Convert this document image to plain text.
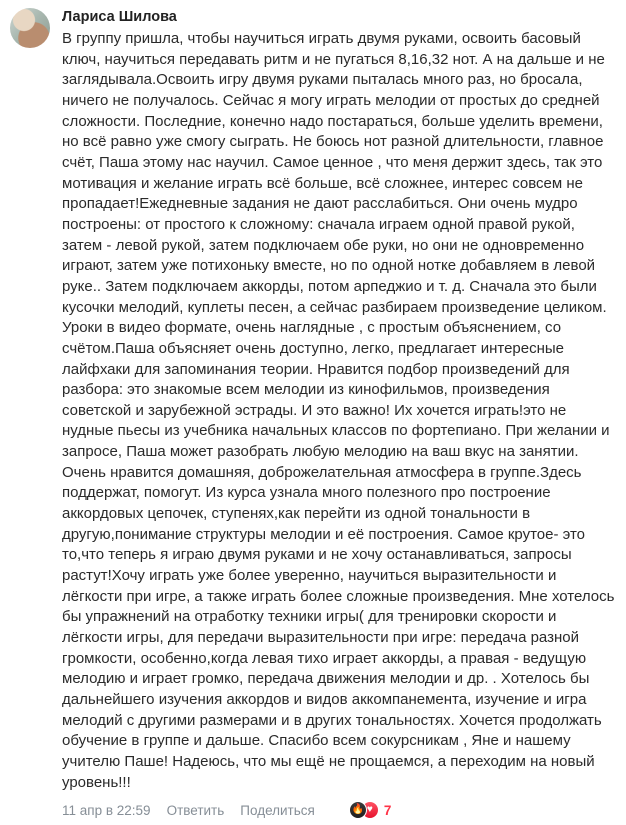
Лариса Шилова
В группу пришла, чтобы научиться играть двумя руками, освоить басовый ключ, научиться передавать ритм и не пугаться 8,16,32 нот. А на дальше и не заглядывала.Освоить игру двумя руками пыталась много раз, но бросала, ничего не получалось. Сейчас я могу играть мелодии от простых до средней сложности. Последние, конечно надо постараться, больше уделить времени, но всё равно уже смогу сыграть. Не боюсь нот разной длительности, главное счёт, Паша этому нас научил. Самое ценное , что меня держит здесь, так это мотивация и желание играть всё больше, всё сложнее, интерес совсем не пропадает!Ежедневные задания не дают расслабиться. Они очень мудро построены: от простого к сложному: сначала играем одной правой рукой, затем - левой рукой, затем подключаем обе руки, но они не одновременно играют, затем уже потихоньку вместе, но по одной нотке добавляем в левой руке.. Затем подключаем аккорды, потом арпеджио и т. д. Сначала это были кусочки мелодий, куплеты песен, а сейчас разбираем произведение целиком. Уроки в видео формате, очень наглядные , с простым объяснением, со счётом.Паша объясняет очень доступно, легко, предлагает интересные лайфхаки для запоминания теории. Нравится подбор произведений для разбора: это знакомые всем мелодии из кинофильмов, произведения советской и зарубежной эстрады. И это важно! Их хочется играть!это не нудные пьесы из учебника начальных классов по фортепиано. При желании и запросе, Паша может разобрать любую мелодию на ваш вкус на занятии. Очень нравится домашняя, доброжелательная атмосфера в группе.Здесь поддержат, помогут. Из курса узнала много полезного про построение аккордовых цепочек, ступенях,как перейти из одной тональности в другую,понимание структуры мелодии и её построения. Самое крутое- это то,что теперь я играю двумя руками и не хочу останавливаться, запросы растут!Хочу играть уже более уверенно, научиться выразительности и лёгкости при игре, а также играть более сложные произведения. Мне хотелось бы упражнений на отработку техники игры( для тренировки скорости и лёгкости игры, для передачи выразительности при игре: передача разной громкости, особенно,когда левая тихо играет аккорды, а правая - ведущую мелодию и играет громко, передача движения мелодии и др. . Хотелось бы дальнейшего изучения аккордов и видов аккомпанемента, изучение и игра мелодий с другими размерами и в других тональностях. Хочется продолжать обучение в группе и дальше. Спасибо всем сокурсникам , Яне и нашему учителю Паше! Надеюсь, что мы ещё не прощаемся, а переходим на новый уровень!!!
11 апр в 22:59 Ответить Поделиться	🔥 ♥ 7
